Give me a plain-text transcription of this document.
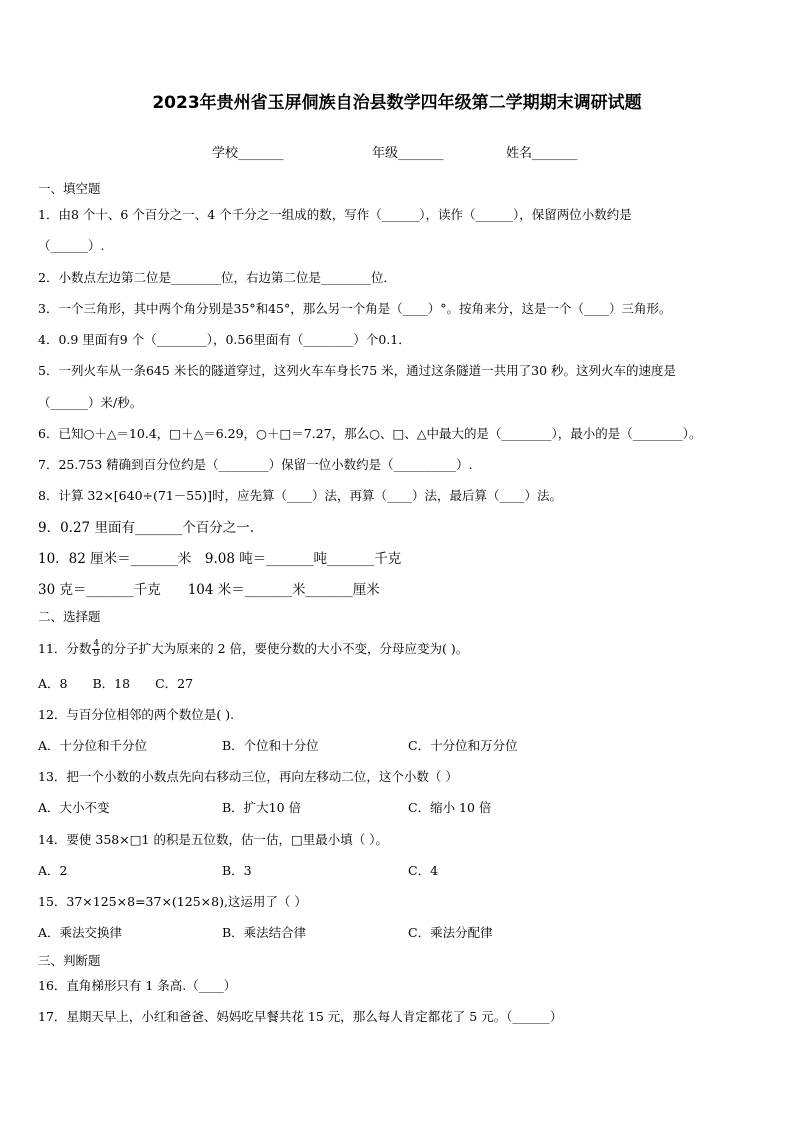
2023年贵州省玉屏侗族自治县数学四年级第二学期期末调研试题
学校_______	年级_______	姓名_______
一、填空题
1．由8 个十、6 个百分之一、4 个千分之一组成的数，写作（______），读作（______），保留两位小数约是
（______）.
2．小数点左边第二位是________位，右边第二位是________位．
3．一个三角形，其中两个角分别是35°和45°，那么另一个角是（____）°。按角来分，这是一个（____）三角形。
4．0.9 里面有9 个（________），0.56里面有（________）个0.1．
5．一列火车从一条645 米长的隧道穿过，这列火车车身长75 米，通过这条隧道一共用了30 秒。这列火车的速度是
（______）米/秒。
6．已知○＋△＝10.4，□＋△＝6.29，○＋□＝7.27，那么○、□、△中最大的是（________），最小的是（________）。
7．25.753 精确到百分位约是（________）保留一位小数约是（__________）.
8．计算 32×[640÷(71－55)]时，应先算（____）法，再算（____）法，最后算（____）法。
9．0.27 里面有_______个百分之一.
10．82 厘米＝_______米　9.08 吨＝_______吨_______千克
30 克＝_______千克　　104 米＝_______米_______厘米
二、选择题
11．分数 $\frac{4}{9}$ 的分子扩大为原来的 2 倍，要使分数的大小不变，分母应变为( )。
A．8　　B．18　　C．27
12．与百分位相邻的两个数位是( ).
A．十分位和千分位	B．个位和十分位	C．十分位和万分位
13．把一个小数的小数点先向右移动三位，再向左移动二位，这个小数（ ）
A．大小不变	B．扩大10 倍	C．缩小 10 倍
14．要使 358×□1 的积是五位数，估一估，□里最小填（ ）。
A．2	B．3	C．4
15．37×125×8=37×(125×8),这运用了（ ）
A．乘法交换律	B．乘法结合律	C．乘法分配律
三、判断题
16．直角梯形只有 1 条高.（____）
17．星期天早上，小红和爸爸、妈妈吃早餐共花 15 元，那么每人肯定都花了 5 元。（______）
